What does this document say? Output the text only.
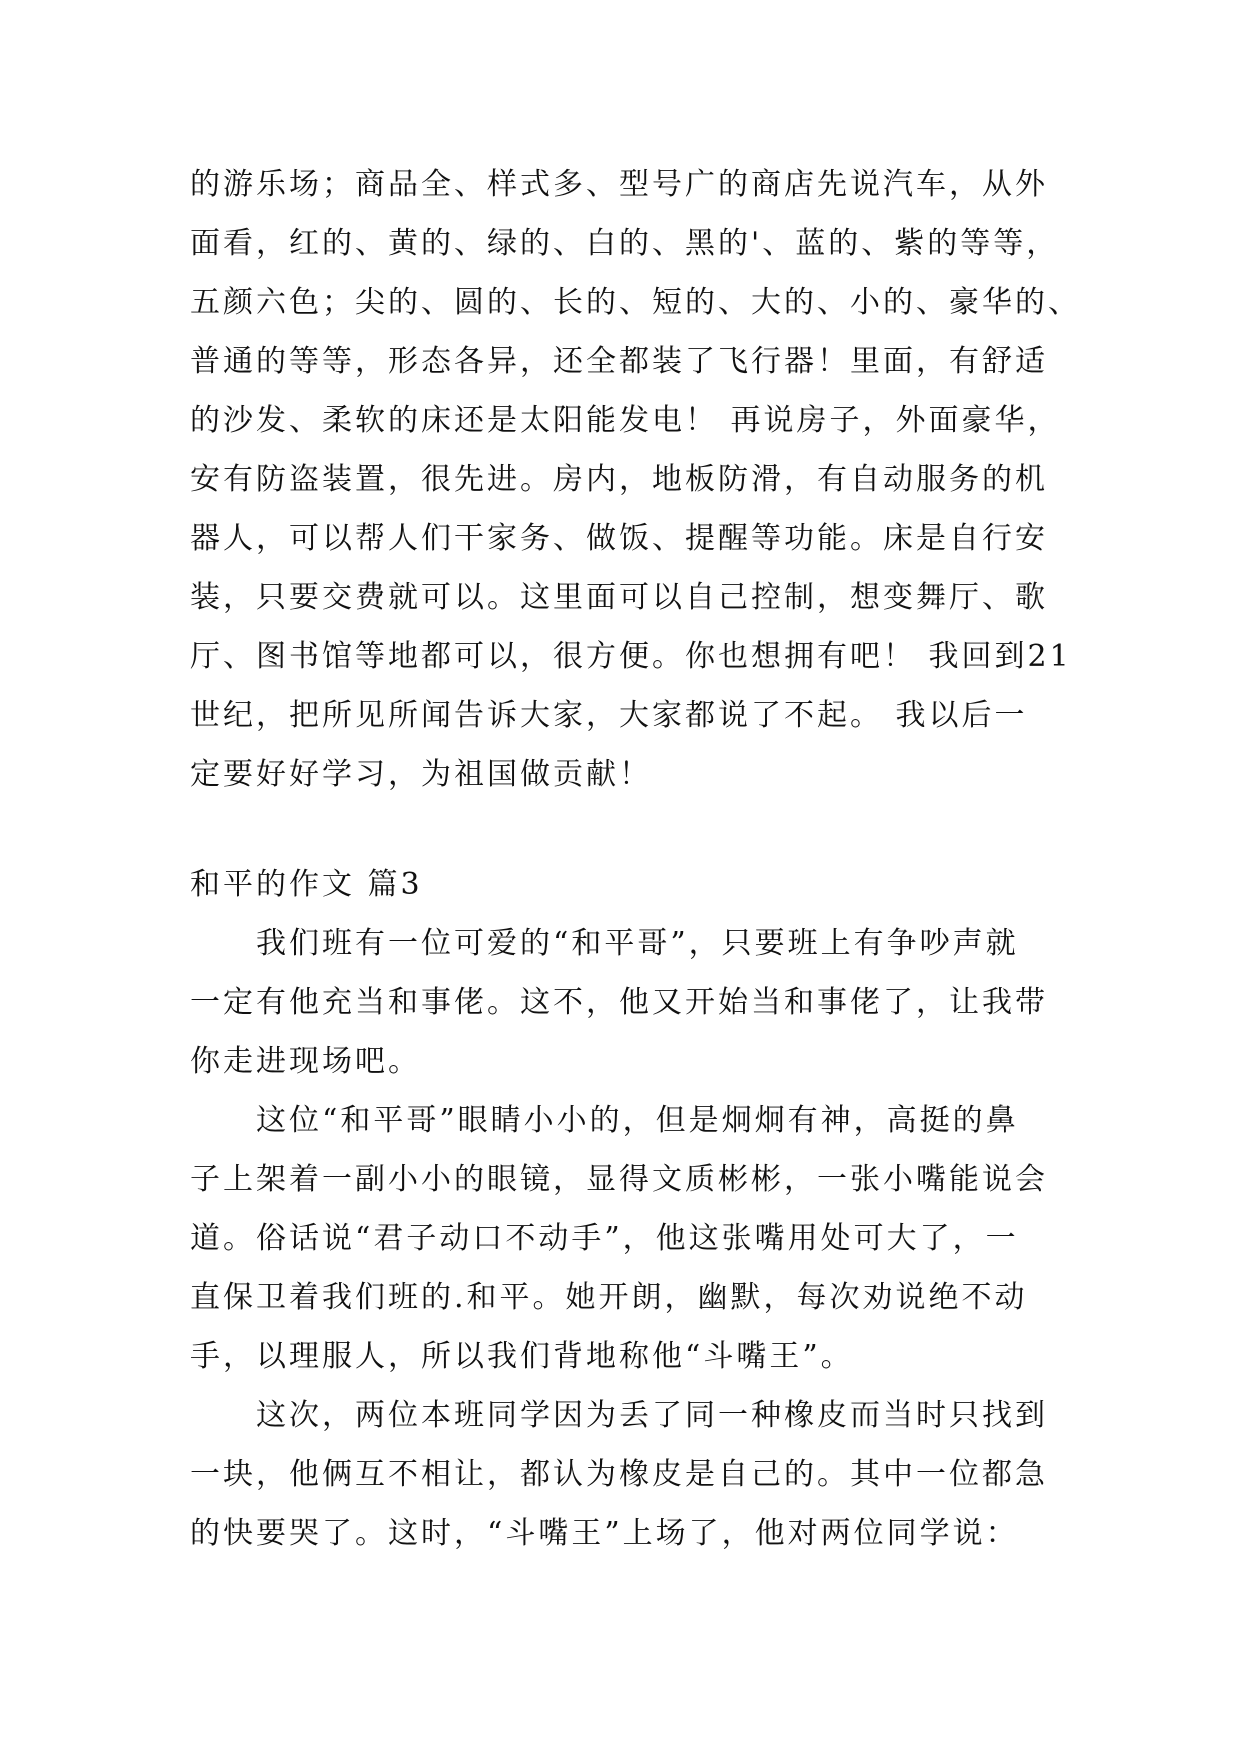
的游乐场；商品全、样式多、型号广的商店先说汽车，从外
面看，红的、黄的、绿的、白的、黑的'、蓝的、紫的等等，
五颜六色；尖的、圆的、长的、短的、大的、小的、豪华的、
普通的等等，形态各异，还全都装了飞行器！里面，有舒适
的沙发、柔软的床还是太阳能发电！ 再说房子，外面豪华，
安有防盗装置，很先进。房内，地板防滑，有自动服务的机
器人，可以帮人们干家务、做饭、提醒等功能。床是自行安
装，只要交费就可以。这里面可以自己控制，想变舞厅、歌
厅、图书馆等地都可以，很方便。你也想拥有吧！ 我回到21
世纪，把所见所闻告诉大家，大家都说了不起。 我以后一
定要好好学习，为祖国做贡献！
和平的作文 篇3
我们班有一位可爱的“和平哥”，只要班上有争吵声就
一定有他充当和事佬。这不，他又开始当和事佬了，让我带
你走进现场吧。
这位“和平哥”眼睛小小的，但是炯炯有神，高挺的鼻
子上架着一副小小的眼镜，显得文质彬彬，一张小嘴能说会
道。俗话说“君子动口不动手”，他这张嘴用处可大了，一
直保卫着我们班的.和平。她开朗，幽默，每次劝说绝不动
手，以理服人，所以我们背地称他“斗嘴王”。
这次，两位本班同学因为丢了同一种橡皮而当时只找到
一块，他俩互不相让，都认为橡皮是自己的。其中一位都急
的快要哭了。这时，“斗嘴王”上场了，他对两位同学说：
